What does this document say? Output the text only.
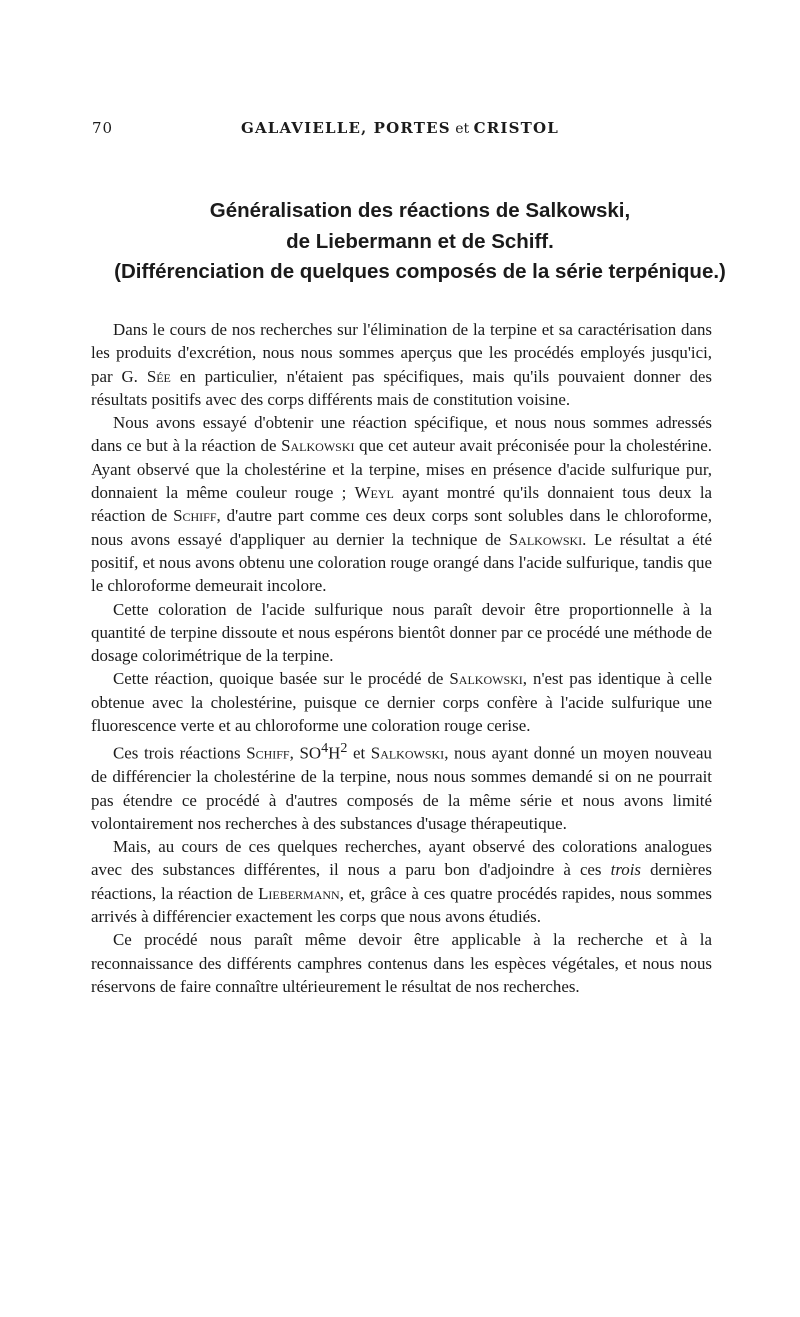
70	GALAVIELLE, PORTES et CRISTOL
Généralisation des réactions de Salkowski,
de Liebermann et de Schiff.
(Différenciation de quelques composés de la série terpénique.)

Dans le cours de nos recherches sur l'élimination de la terpine et sa caractérisation dans les produits d'excrétion, nous nous sommes aperçus que les procédés employés jusqu'ici, par G. Sée en particulier, n'étaient pas spécifiques, mais qu'ils pouvaient donner des résultats positifs avec des corps différents mais de constitution voisine.

Nous avons essayé d'obtenir une réaction spécifique, et nous nous sommes adressés dans ce but à la réaction de Salkowski que cet auteur avait préconisée pour la cholestérine. Ayant observé que la cholestérine et la terpine, mises en présence d'acide sulfurique pur, donnaient la même couleur rouge ; Weyl ayant montré qu'ils donnaient tous deux la réaction de Schiff, d'autre part comme ces deux corps sont solubles dans le chloroforme, nous avons essayé d'appliquer au dernier la technique de Salkowski. Le résultat a été positif, et nous avons obtenu une coloration rouge orangé dans l'acide sulfurique, tandis que le chloroforme demeurait incolore.

Cette coloration de l'acide sulfurique nous paraît devoir être proportionnelle à la quantité de terpine dissoute et nous espérons bientôt donner par ce procédé une méthode de dosage colorimétrique de la terpine.

Cette réaction, quoique basée sur le procédé de Salkowski, n'est pas identique à celle obtenue avec la cholestérine, puisque ce dernier corps confère à l'acide sulfurique une fluorescence verte et au chloroforme une coloration rouge cerise.

Ces trois réactions Schiff, $SO^4H^2$ et Salkowski, nous ayant donné un moyen nouveau de différencier la cholestérine de la terpine, nous nous sommes demandé si on ne pourrait pas étendre ce procédé à d'autres composés de la même série et nous avons limité volontairement nos recherches à des substances d'usage thérapeutique.

Mais, au cours de ces quelques recherches, ayant observé des colorations analogues avec des substances différentes, il nous a paru bon d'adjoindre à ces trois dernières réactions, la réaction de Liebermann, et, grâce à ces quatre procédés rapides, nous sommes arrivés à différencier exactement les corps que nous avons étudiés.

Ce procédé nous paraît même devoir être applicable à la recherche et à la reconnaissance des différents camphres contenus dans les espèces végétales, et nous nous réservons de faire connaître ultérieurement le résultat de nos recherches.
